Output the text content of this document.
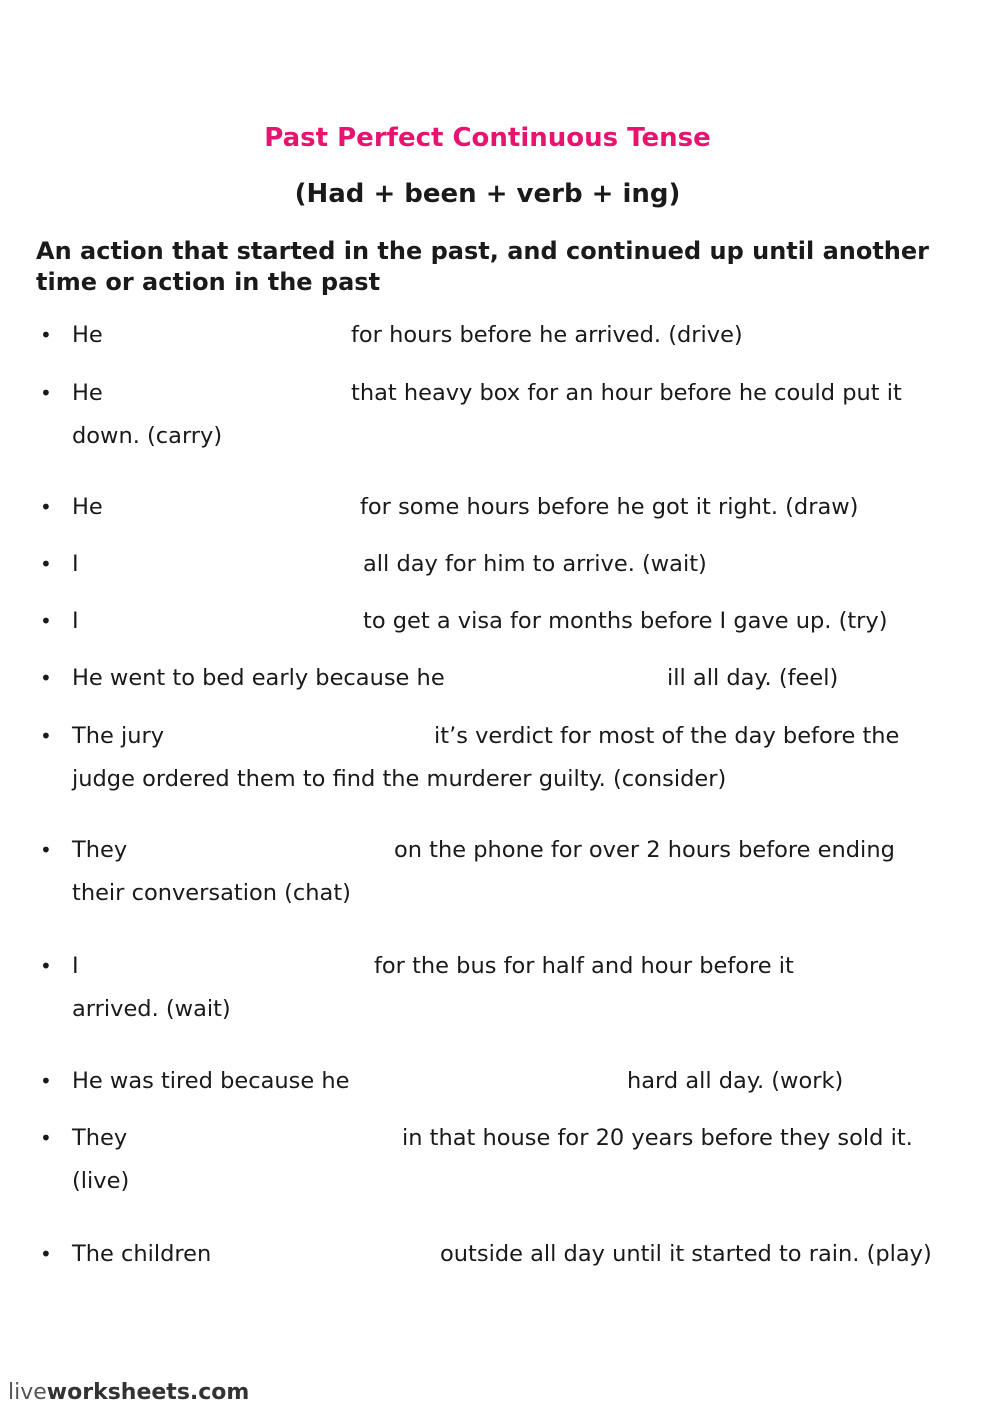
Past Perfect Continuous Tense
(Had + been + verb + ing)

An action that started in the past, and continued up until another time or action in the past

• He	for hours before he arrived. (drive)
• He	that heavy box for an hour before he could put it
down. (carry)
• He	for some hours before he got it right. (draw)
• I	all day for him to arrive. (wait)
• I	to get a visa for months before I gave up. (try)
• He went to bed early because he	ill all day. (feel)
• The jury	it’s verdict for most of the day before the
judge ordered them to find the murderer guilty. (consider)
• They	on the phone for over 2 hours before ending
their conversation (chat)
• I	for the bus for half and hour before it
arrived. (wait)
• He was tired because he	hard all day. (work)
• They	in that house for 20 years before they sold it.
(live)
• The children	outside all day until it started to rain. (play)
liveworksheets.com
